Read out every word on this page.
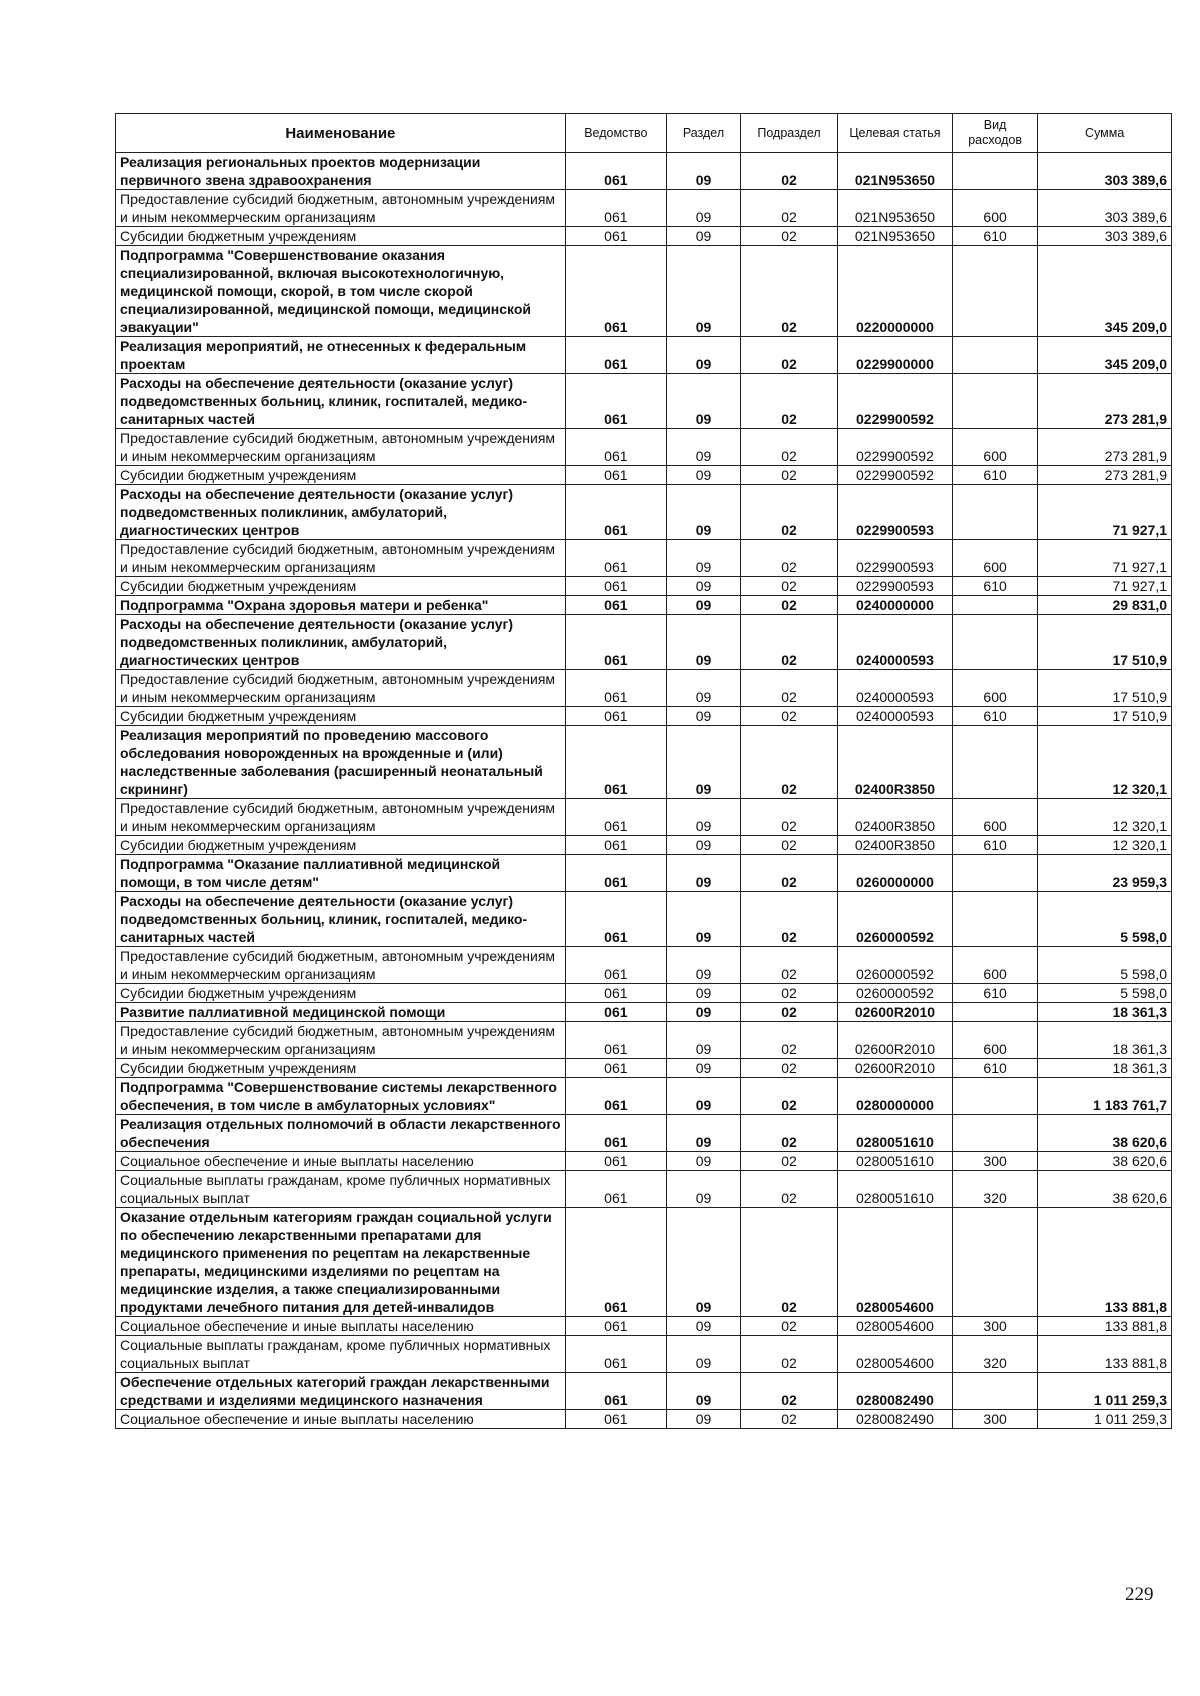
Наименование	Ведомство	Раздел	Подраздел	Целевая статья	Вид расходов	Сумма
Реализация региональных проектов модернизации первичного звена здравоохранения	061	09	02	021N953650		303 389,6
Предоставление субсидий бюджетным, автономным учреждениям и иным некоммерческим организациям	061	09	02	021N953650	600	303 389,6
Субсидии бюджетным учреждениям	061	09	02	021N953650	610	303 389,6
Подпрограмма "Совершенствование оказания специализированной, включая высокотехнологичную, медицинской помощи, скорой, в том числе скорой специализированной, медицинской помощи, медицинской эвакуации"	061	09	02	0220000000		345 209,0
Реализация мероприятий, не отнесенных к федеральным проектам	061	09	02	0229900000		345 209,0
Расходы на обеспечение деятельности (оказание услуг) подведомственных больниц, клиник, госпиталей, медико-санитарных частей	061	09	02	0229900592		273 281,9
Предоставление субсидий бюджетным, автономным учреждениям и иным некоммерческим организациям	061	09	02	0229900592	600	273 281,9
Субсидии бюджетным учреждениям	061	09	02	0229900592	610	273 281,9
Расходы на обеспечение деятельности (оказание услуг) подведомственных поликлиник, амбулаторий, диагностических центров	061	09	02	0229900593		71 927,1
Предоставление субсидий бюджетным, автономным учреждениям и иным некоммерческим организациям	061	09	02	0229900593	600	71 927,1
Субсидии бюджетным учреждениям	061	09	02	0229900593	610	71 927,1
Подпрограмма "Охрана здоровья матери и ребенка"	061	09	02	0240000000		29 831,0
Расходы на обеспечение деятельности (оказание услуг) подведомственных поликлиник, амбулаторий, диагностических центров	061	09	02	0240000593		17 510,9
Предоставление субсидий бюджетным, автономным учреждениям и иным некоммерческим организациям	061	09	02	0240000593	600	17 510,9
Субсидии бюджетным учреждениям	061	09	02	0240000593	610	17 510,9
Реализация мероприятий по проведению массового обследования новорожденных на врожденные и (или) наследственные заболевания (расширенный неонатальный скрининг)	061	09	02	02400R3850		12 320,1
Предоставление субсидий бюджетным, автономным учреждениям и иным некоммерческим организациям	061	09	02	02400R3850	600	12 320,1
Субсидии бюджетным учреждениям	061	09	02	02400R3850	610	12 320,1
Подпрограмма "Оказание паллиативной медицинской помощи, в том числе детям"	061	09	02	0260000000		23 959,3
Расходы на обеспечение деятельности (оказание услуг) подведомственных больниц, клиник, госпиталей, медико-санитарных частей	061	09	02	0260000592		5 598,0
Предоставление субсидий бюджетным, автономным учреждениям и иным некоммерческим организациям	061	09	02	0260000592	600	5 598,0
Субсидии бюджетным учреждениям	061	09	02	0260000592	610	5 598,0
Развитие паллиативной медицинской помощи	061	09	02	02600R2010		18 361,3
Предоставление субсидий бюджетным, автономным учреждениям и иным некоммерческим организациям	061	09	02	02600R2010	600	18 361,3
Субсидии бюджетным учреждениям	061	09	02	02600R2010	610	18 361,3
Подпрограмма "Совершенствование системы лекарственного обеспечения, в том числе в амбулаторных условиях"	061	09	02	0280000000		1 183 761,7
Реализация отдельных полномочий в области лекарственного обеспечения	061	09	02	0280051610		38 620,6
Социальное обеспечение и иные выплаты населению	061	09	02	0280051610	300	38 620,6
Социальные выплаты гражданам, кроме публичных нормативных социальных выплат	061	09	02	0280051610	320	38 620,6
Оказание отдельным категориям граждан социальной услуги по обеспечению лекарственными препаратами для медицинского применения по рецептам на лекарственные препараты, медицинскими изделиями по рецептам на медицинские изделия, а также специализированными продуктами лечебного питания для детей-инвалидов	061	09	02	0280054600		133 881,8
Социальное обеспечение и иные выплаты населению	061	09	02	0280054600	300	133 881,8
Социальные выплаты гражданам, кроме публичных нормативных социальных выплат	061	09	02	0280054600	320	133 881,8
Обеспечение отдельных категорий граждан лекарственными средствами и изделиями медицинского назначения	061	09	02	0280082490		1 011 259,3
Социальное обеспечение и иные выплаты населению	061	09	02	0280082490	300	1 011 259,3
229
